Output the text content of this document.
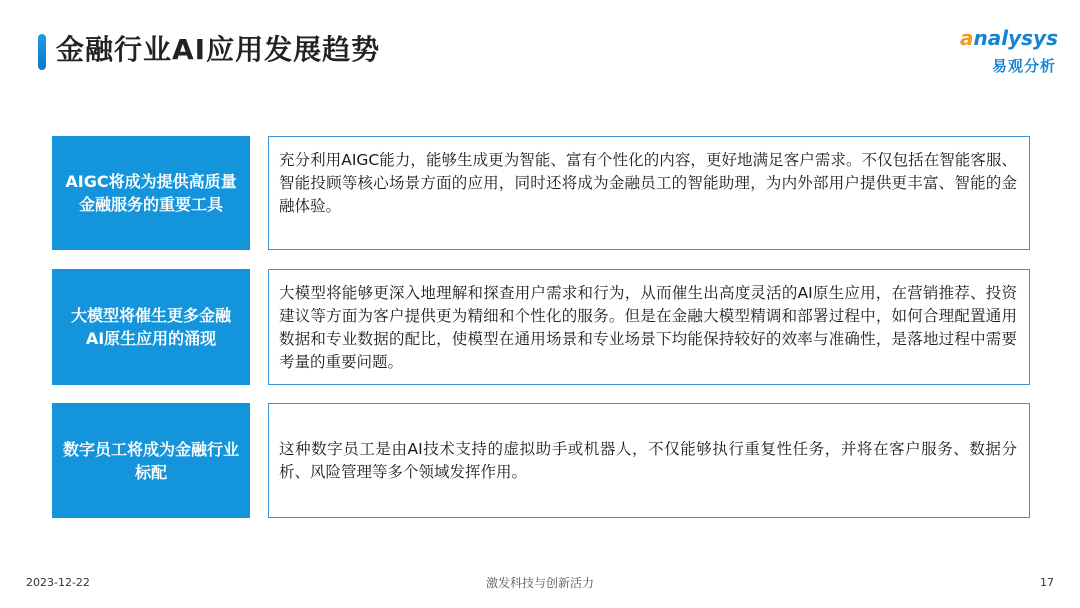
金融行业AI应用发展趋势	analysys
易观分析
AIGC将成为提供高质量金融服务的重要工具
充分利用AIGC能力，能够生成更为智能、富有个性化的内容，更好地满足客户需求。不仅包括在智能客服、智能投顾等核心场景方面的应用，同时还将成为金融员工的智能助理，为内外部用户提供更丰富、智能的金融体验。
大模型将催生更多金融AI原生应用的涌现
大模型将能够更深入地理解和探查用户需求和行为，从而催生出高度灵活的AI原生应用，在营销推荐、投资建议等方面为客户提供更为精细和个性化的服务。但是在金融大模型精调和部署过程中，如何合理配置通用数据和专业数据的配比，使模型在通用场景和专业场景下均能保持较好的效率与准确性，是落地过程中需要考量的重要问题。
数字员工将成为金融行业标配
这种数字员工是由AI技术支持的虚拟助手或机器人，不仅能够执行重复性任务，并将在客户服务、数据分析、风险管理等多个领域发挥作用。
2023-12-22	激发科技与创新活力	17
